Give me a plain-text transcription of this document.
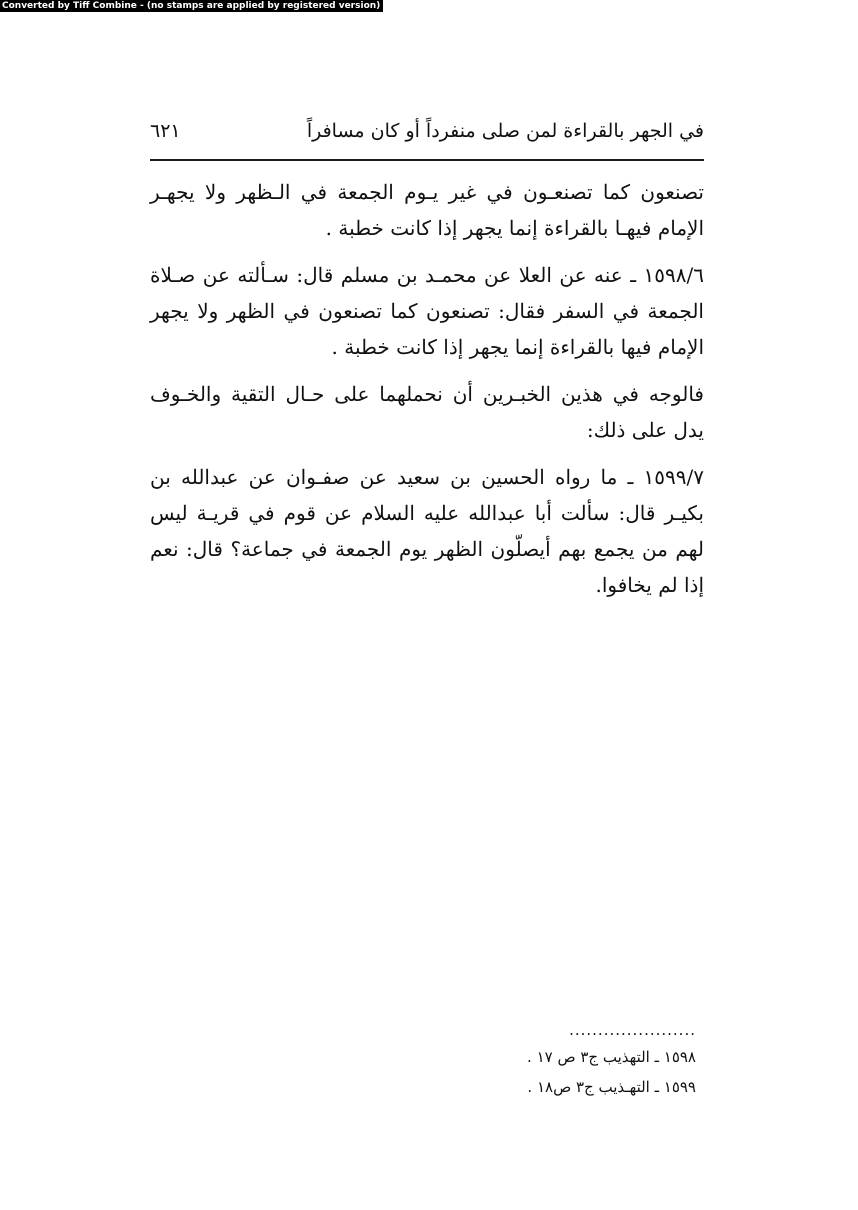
Converted by Tiff Combine - (no stamps are applied by registered version)
في الجهر بالقراءة لمن صلى منفرداً أو كان مسافراً
٦٢١

تصنعون كما تصنعـون في غير يـوم الجمعة في الـظهر ولا يجهـر الإمام فيهـا بالقراءة إنما يجهر إذا كانت خطبة .

١٥٩٨/٦ ـ عنه عن العلا عن محمـد بن مسلم قال: سـألته عن صـلاة الجمعة في السفر فقال: تصنعون كما تصنعون في الظهر ولا يجهر الإمام فيها بالقراءة إنما يجهر إذا كانت خطبة .

فالوجه في هذين الخبـرين أن نحملهما على حـال التقية والخـوف يدل على ذلك:

١٥٩٩/٧ ـ ما رواه الحسين بن سعيد عن صفـوان عن عبدالله بن بكيـر قال: سألت أبا عبدالله عليه السلام عن قوم في قريـة ليس لهم من يجمع بهم أيصلّون الظهر يوم الجمعة في جماعة؟ قال: نعم إذا لم يخافوا.

......................
١٥٩٨ ـ التهذيب ج٣ ص ١٧ .
١٥٩٩ ـ التهـذيب ج٣ ص١٨ .
